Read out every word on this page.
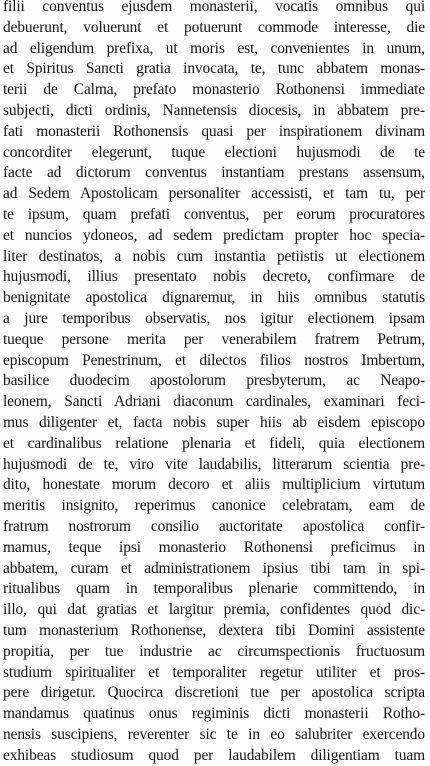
filii conventus ejusdem monasterii, vocatis omnibus qui
debuerunt, voluerunt et potuerunt commode interesse, die
ad eligendum prefixa, ut moris est, convenientes in unum,
et Spiritus Sancti gratia invocata, te, tunc abbatem monas-
terii de Calma, prefato monasterio Rothonensi immediate
subjecti, dicti ordinis, Nannetensis diocesis, in abbatem pre-
fati monasterii Rothonensis quasi per inspirationem divinam
concorditer elegerunt, tuque electioni hujusmodi de te
facte ad dictorum conventus instantiam prestans assensum,
ad Sedem Apostolicam personaliter accessisti, et tam tu, per
te ipsum, quam prefati conventus, per eorum procuratores
et nuncios ydoneos, ad sedem predictam propter hoc specia-
liter destinatos, a nobis cum instantia petiistis ut electionem
hujusmodi, illius presentato nobis decreto, confirmare de
benignitate apostolica dignaremur, in hiis omnibus statutis
a jure temporibus observatis, nos igitur electionem ipsam
tueque persone merita per venerabilem fratrem Petrum,
episcopum Penestrinum, et dilectos filios nostros Imbertum,
basilice duodecim apostolorum presbyterum, ac Neapo-
leonem, Sancti Adriani diaconum cardinales, examinari feci-
mus diligenter et, facta nobis super hiis ab eisdem episcopo
et cardinalibus relatione plenaria et fideli, quia electionem
hujusmodi de te, viro vite laudabilis, litterarum scientia pre-
dito, honestate morum decoro et aliis multiplicium virtutum
meritis insignito, reperimus canonice celebratam, eam de
fratrum nostrorum consilio auctoritate apostolica confir-
mamus, teque ipsi monasterio Rothonensi preficimus in
abbatem, curam et administrationem ipsius tibi tam in spi-
ritualibus quam in temporalibus plenarie committendo, in
illo, qui dat gratias et largitur premia, confidentes quod dic-
tum monasterium Rothonense, dextera tibi Domini assistente
propitia, per tue industrie ac circumspectionis fructuosum
studium spiritualiter et temporaliter regetur utiliter et pros-
pere dirigetur. Quocirca discretioni tue per apostolica scripta
mandamus quatinus onus regiminis dicti monasterii Rotho-
nensis suscipiens, reverenter sic te in eo salubriter exercendo
exhibeas studiosum quod per laudabilem diligentiam tuam
